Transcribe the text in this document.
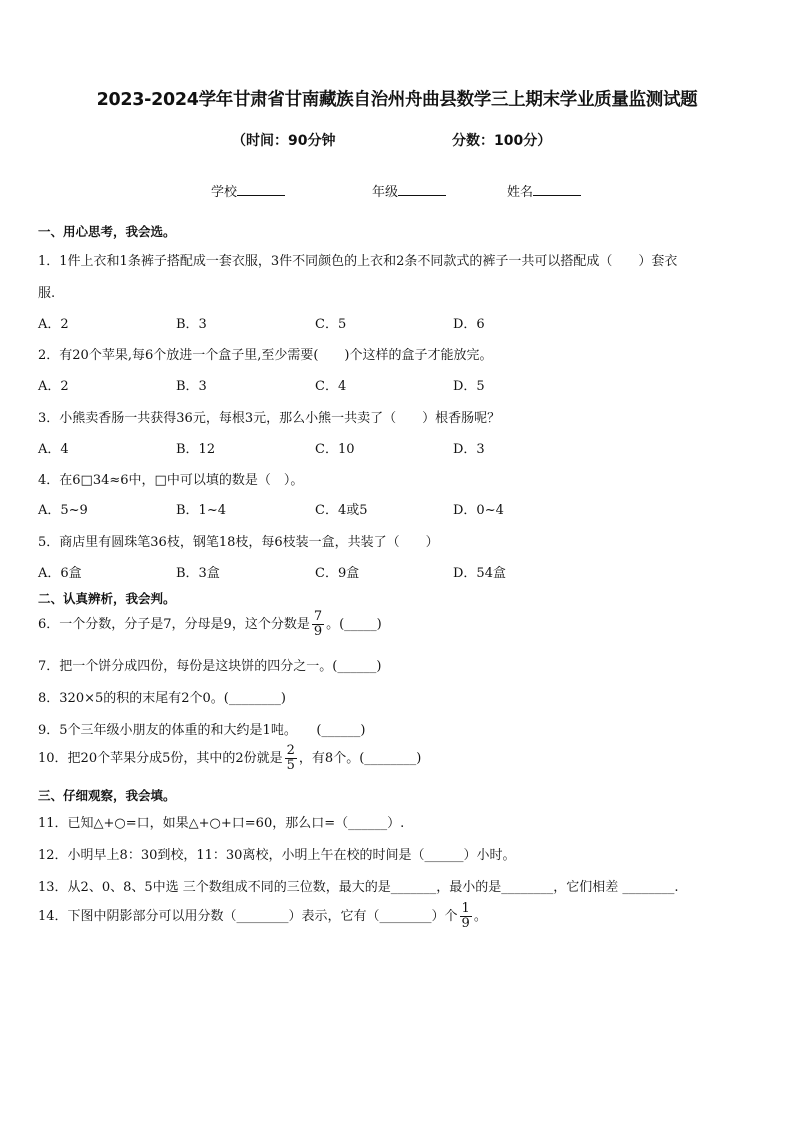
2023-2024学年甘肃省甘南藏族自治州舟曲县数学三上期末学业质量监测试题
（时间：90分钟	分数：100分）
学校	年级	姓名
一、用心思考，我会选。
1．1件上衣和1条裤子搭配成一套衣服，3件不同颜色的上衣和2条不同款式的裤子一共可以搭配成（　　）套衣
服.
A．2	B．3	C．5	D．6
2．有20个苹果,每6个放进一个盒子里,至少需要(　　)个这样的盒子才能放完。
A．2	B．3	C．4	D．5
3．小熊卖香肠一共获得36元，每根3元，那么小熊一共卖了（　　）根香肠呢？
A．4	B．12	C．10	D．3
4．在6□34≈6中，□中可以填的数是（　）。
A．5~9	B．1~4	C．4或5	D．0~4
5．商店里有圆珠笔36枝，钢笔18枝，每6枝装一盒，共装了（　　）
A．6盒	B．3盒	C．9盒	D．54盒
二、认真辨析，我会判。
6．一个分数，分子是7，分母是9，这个分数是 $\frac{7}{9}$ 。(_____)
7．把一个饼分成四份，每份是这块饼的四分之一。(______)
8．320×5的积的末尾有2个0。(________)
9．5个三年级小朋友的体重的和大约是1吨。　　(______)
10．把20个苹果分成5份，其中的2份就是 $\frac{2}{5}$ ，有8个。(________)
三、仔细观察，我会填。
11．已知△+○=口，如果△+○+口=60，那么口=（______）.
12．小明早上8：30到校，11：30离校，小明上午在校的时间是（______）小时。
13．从2、0、8、5中选 三个数组成不同的三位数，最大的是_______，最小的是________，它们相差 ________.
14．下图中阴影部分可以用分数（________）表示，它有（________）个 $\frac{1}{9}$ 。
